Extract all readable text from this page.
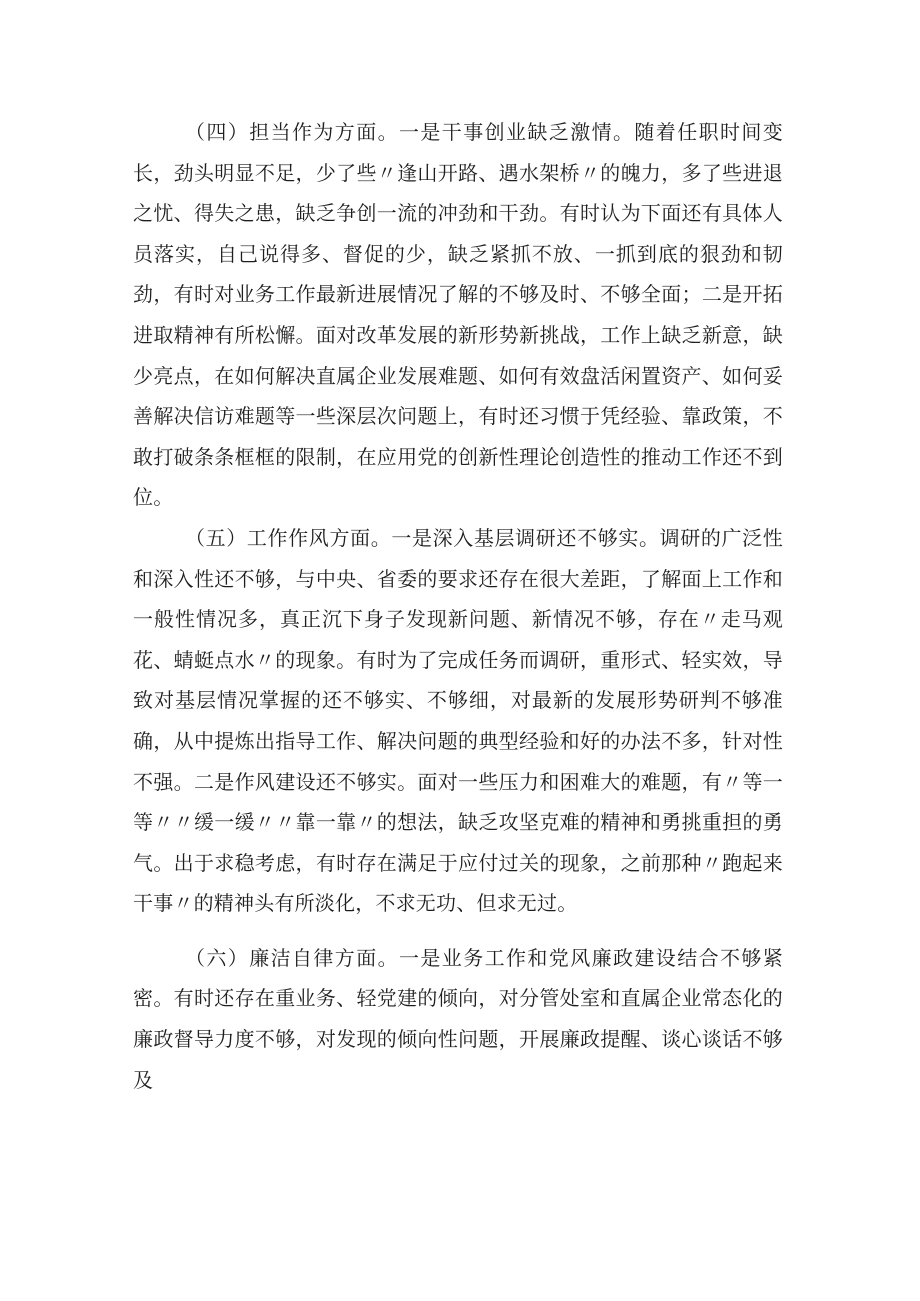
（四）担当作为方面。一是干事创业缺乏激情。随着任职时间变长，劲头明显不足，少了些〃逢山开路、遇水架桥〃的魄力，多了些进退之忧、得失之患，缺乏争创一流的冲劲和干劲。有时认为下面还有具体人员落实，自己说得多、督促的少，缺乏紧抓不放、一抓到底的狠劲和韧劲，有时对业务工作最新进展情况了解的不够及时、不够全面；二是开拓进取精神有所松懈。面对改革发展的新形势新挑战，工作上缺乏新意，缺少亮点，在如何解决直属企业发展难题、如何有效盘活闲置资产、如何妥善解决信访难题等一些深层次问题上，有时还习惯于凭经验、靠政策，不敢打破条条框框的限制，在应用党的创新性理论创造性的推动工作还不到位。

（五）工作作风方面。一是深入基层调研还不够实。调研的广泛性和深入性还不够，与中央、省委的要求还存在很大差距，了解面上工作和一般性情况多，真正沉下身子发现新问题、新情况不够，存在〃走马观花、蜻蜓点水〃的现象。有时为了完成任务而调研，重形式、轻实效，导致对基层情况掌握的还不够实、不够细，对最新的发展形势研判不够准确，从中提炼出指导工作、解决问题的典型经验和好的办法不多，针对性不强。二是作风建设还不够实。面对一些压力和困难大的难题，有〃等一等〃〃缓一缓〃〃靠一靠〃的想法，缺乏攻坚克难的精神和勇挑重担的勇气。出于求稳考虑，有时存在满足于应付过关的现象，之前那种〃跑起来干事〃的精神头有所淡化，不求无功、但求无过。

（六）廉洁自律方面。一是业务工作和党风廉政建设结合不够紧密。有时还存在重业务、轻党建的倾向，对分管处室和直属企业常态化的廉政督导力度不够，对发现的倾向性问题，开展廉政提醒、谈心谈话不够及
